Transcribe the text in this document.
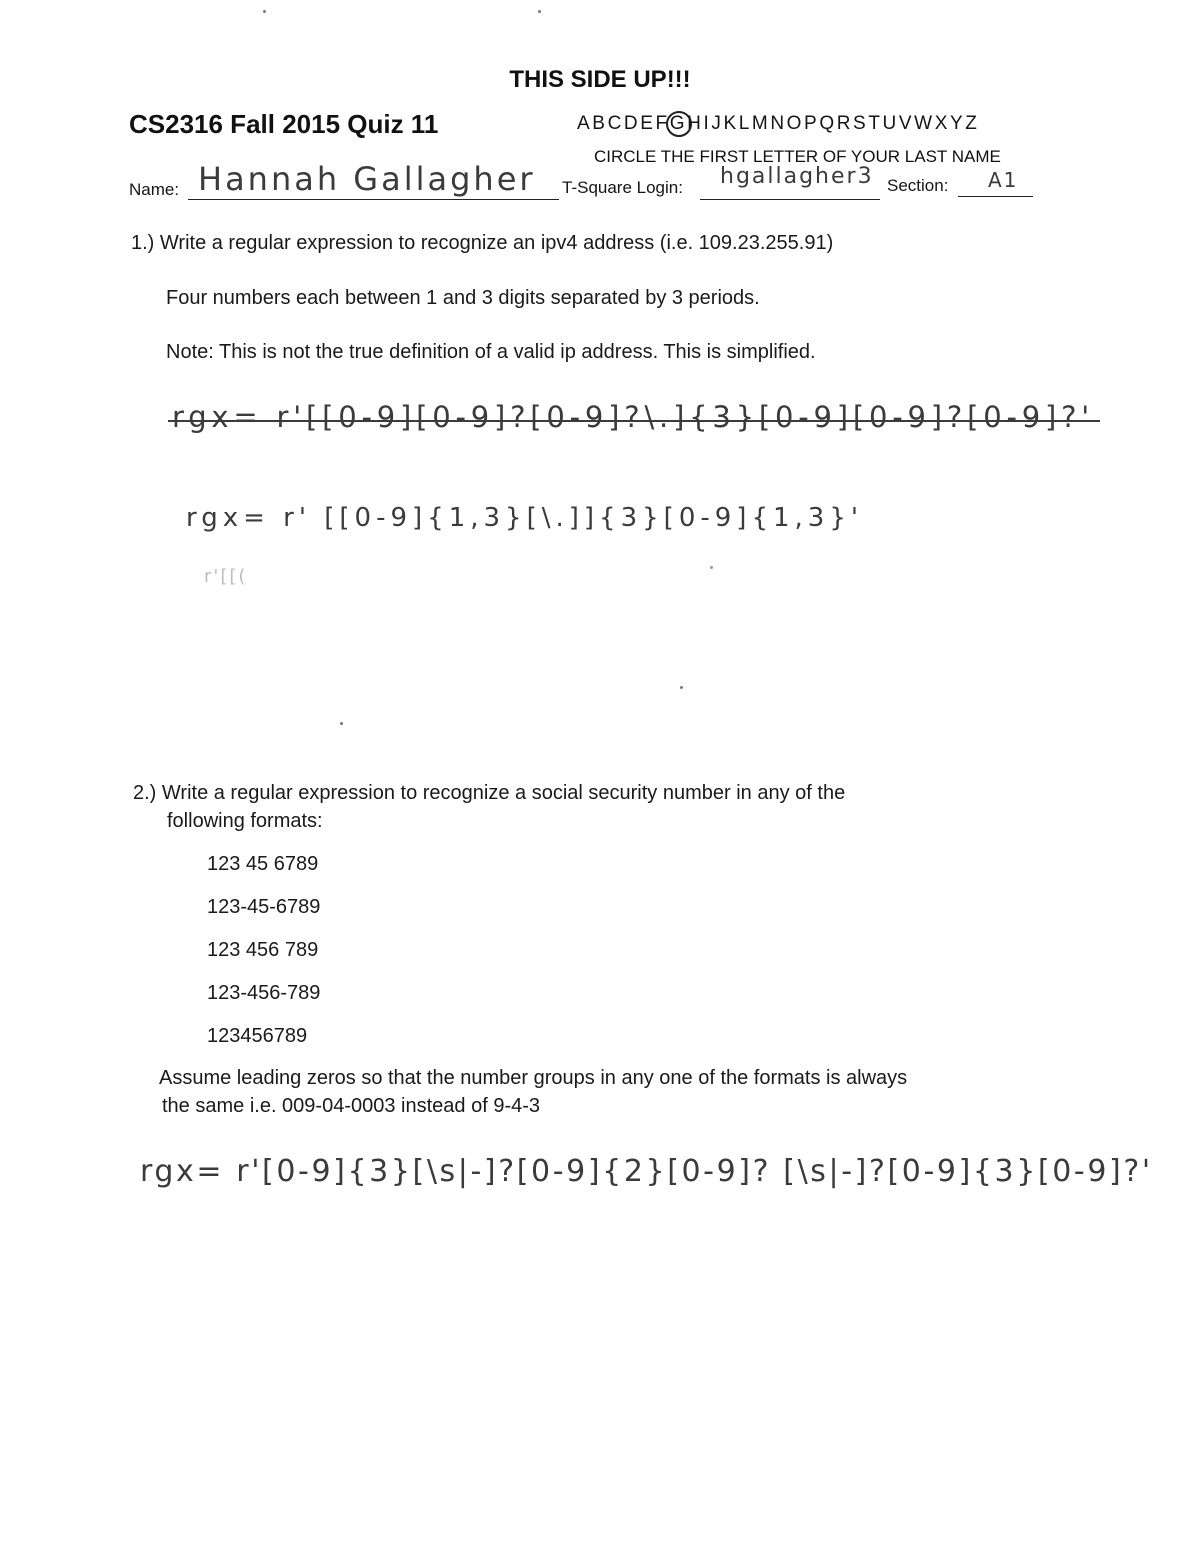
THIS SIDE UP!!!
CS2316 Fall 2015 Quiz 11	ABCDEFGHIJKLMNOPQRSTUVWXYZ
CIRCLE THE FIRST LETTER OF YOUR LAST NAME
Name: Hannah Gallagher T-Square Login: hgallagher3 Section: A1
1.) Write a regular expression to recognize an ipv4 address (i.e. 109.23.255.91)
Four numbers each between 1 and 3 digits separated by 3 periods.
Note: This is not the true definition of a valid ip address. This is simplified.
rgx= r'[[0-9][0-9]?[0-9]?\.]{3}[0-9][0-9]?[0-9]?'
rgx= r' [[0-9]{1,3}[\.]]{3}[0-9]{1,3}'
r'[[(
2.) Write a regular expression to recognize a social security number in any of the
following formats:
123 45 6789
123-45-6789
123 456 789
123-456-789
123456789
Assume leading zeros so that the number groups in any one of the formats is always
the same i.e. 009-04-0003 instead of 9-4-3
rgx= r'[0-9]{3}[\s|-]?[0-9]{2}[0-9]? [\s|-]?[0-9]{3}[0-9]?'
